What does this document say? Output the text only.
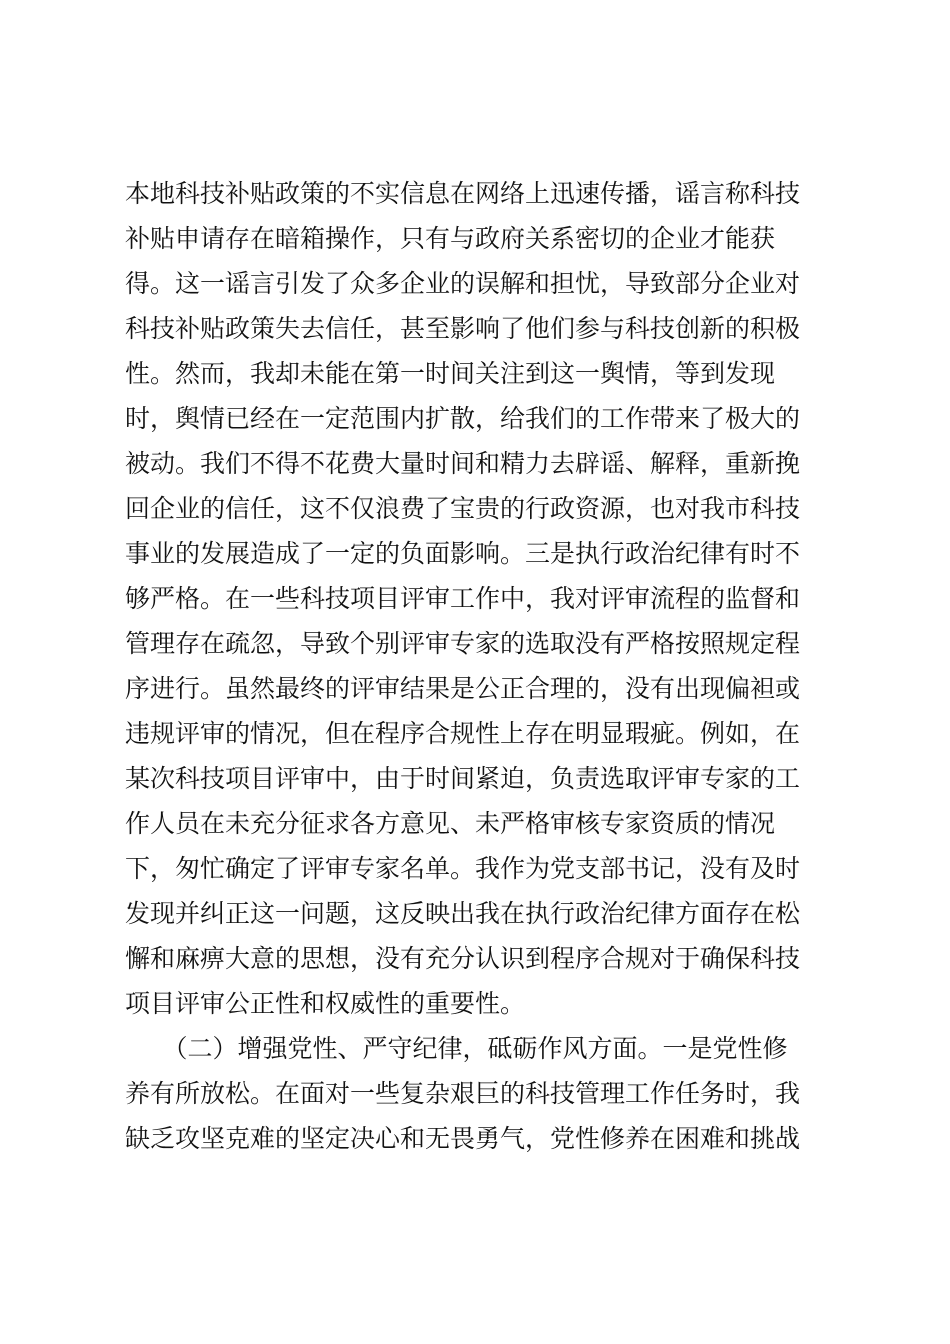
本地科技补贴政策的不实信息在网络上迅速传播，谣言称科技

补贴申请存在暗箱操作，只有与政府关系密切的企业才能获

得。这一谣言引发了众多企业的误解和担忧，导致部分企业对

科技补贴政策失去信任，甚至影响了他们参与科技创新的积极

性。然而，我却未能在第一时间关注到这一舆情，等到发现

时，舆情已经在一定范围内扩散，给我们的工作带来了极大的

被动。我们不得不花费大量时间和精力去辟谣、解释，重新挽

回企业的信任，这不仅浪费了宝贵的行政资源，也对我市科技

事业的发展造成了一定的负面影响。三是执行政治纪律有时不

够严格。在一些科技项目评审工作中，我对评审流程的监督和

管理存在疏忽，导致个别评审专家的选取没有严格按照规定程

序进行。虽然最终的评审结果是公正合理的，没有出现偏袒或

违规评审的情况，但在程序合规性上存在明显瑕疵。例如，在

某次科技项目评审中，由于时间紧迫，负责选取评审专家的工

作人员在未充分征求各方意见、未严格审核专家资质的情况

下，匆忙确定了评审专家名单。我作为党支部书记，没有及时

发现并纠正这一问题，这反映出我在执行政治纪律方面存在松

懈和麻痹大意的思想，没有充分认识到程序合规对于确保科技

项目评审公正性和权威性的重要性。

　　（二）增强党性、严守纪律，砥砺作风方面。一是党性修

养有所放松。在面对一些复杂艰巨的科技管理工作任务时，我

缺乏攻坚克难的坚定决心和无畏勇气，党性修养在困难和挑战
